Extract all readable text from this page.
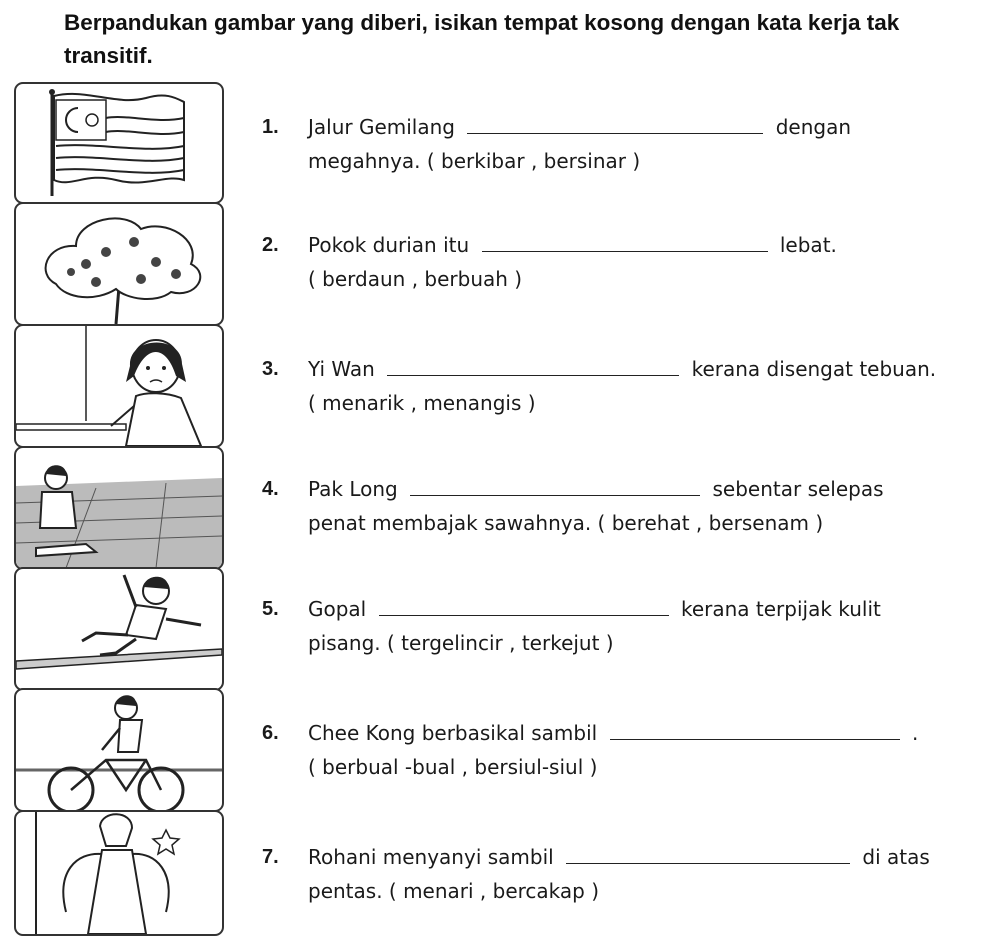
Berpandukan gambar yang diberi, isikan tempat kosong dengan kata kerja tak transitif.
1. Jalur Gemilang	dengan
megahnya. ( berkibar , bersinar )
2. Pokok durian itu	lebat.
( berdaun , berbuah )
3. Yi Wan	kerana disengat tebuan.
( menarik , menangis )
4. Pak Long	sebentar selepas
penat membajak sawahnya. ( berehat , bersenam )
5. Gopal	kerana terpijak kulit
pisang. ( tergelincir , terkejut )
6. Chee Kong berbasikal sambil	.
( berbual -bual , bersiul-siul )
7. Rohani menyanyi sambil	di atas
pentas. ( menari , bercakap )
